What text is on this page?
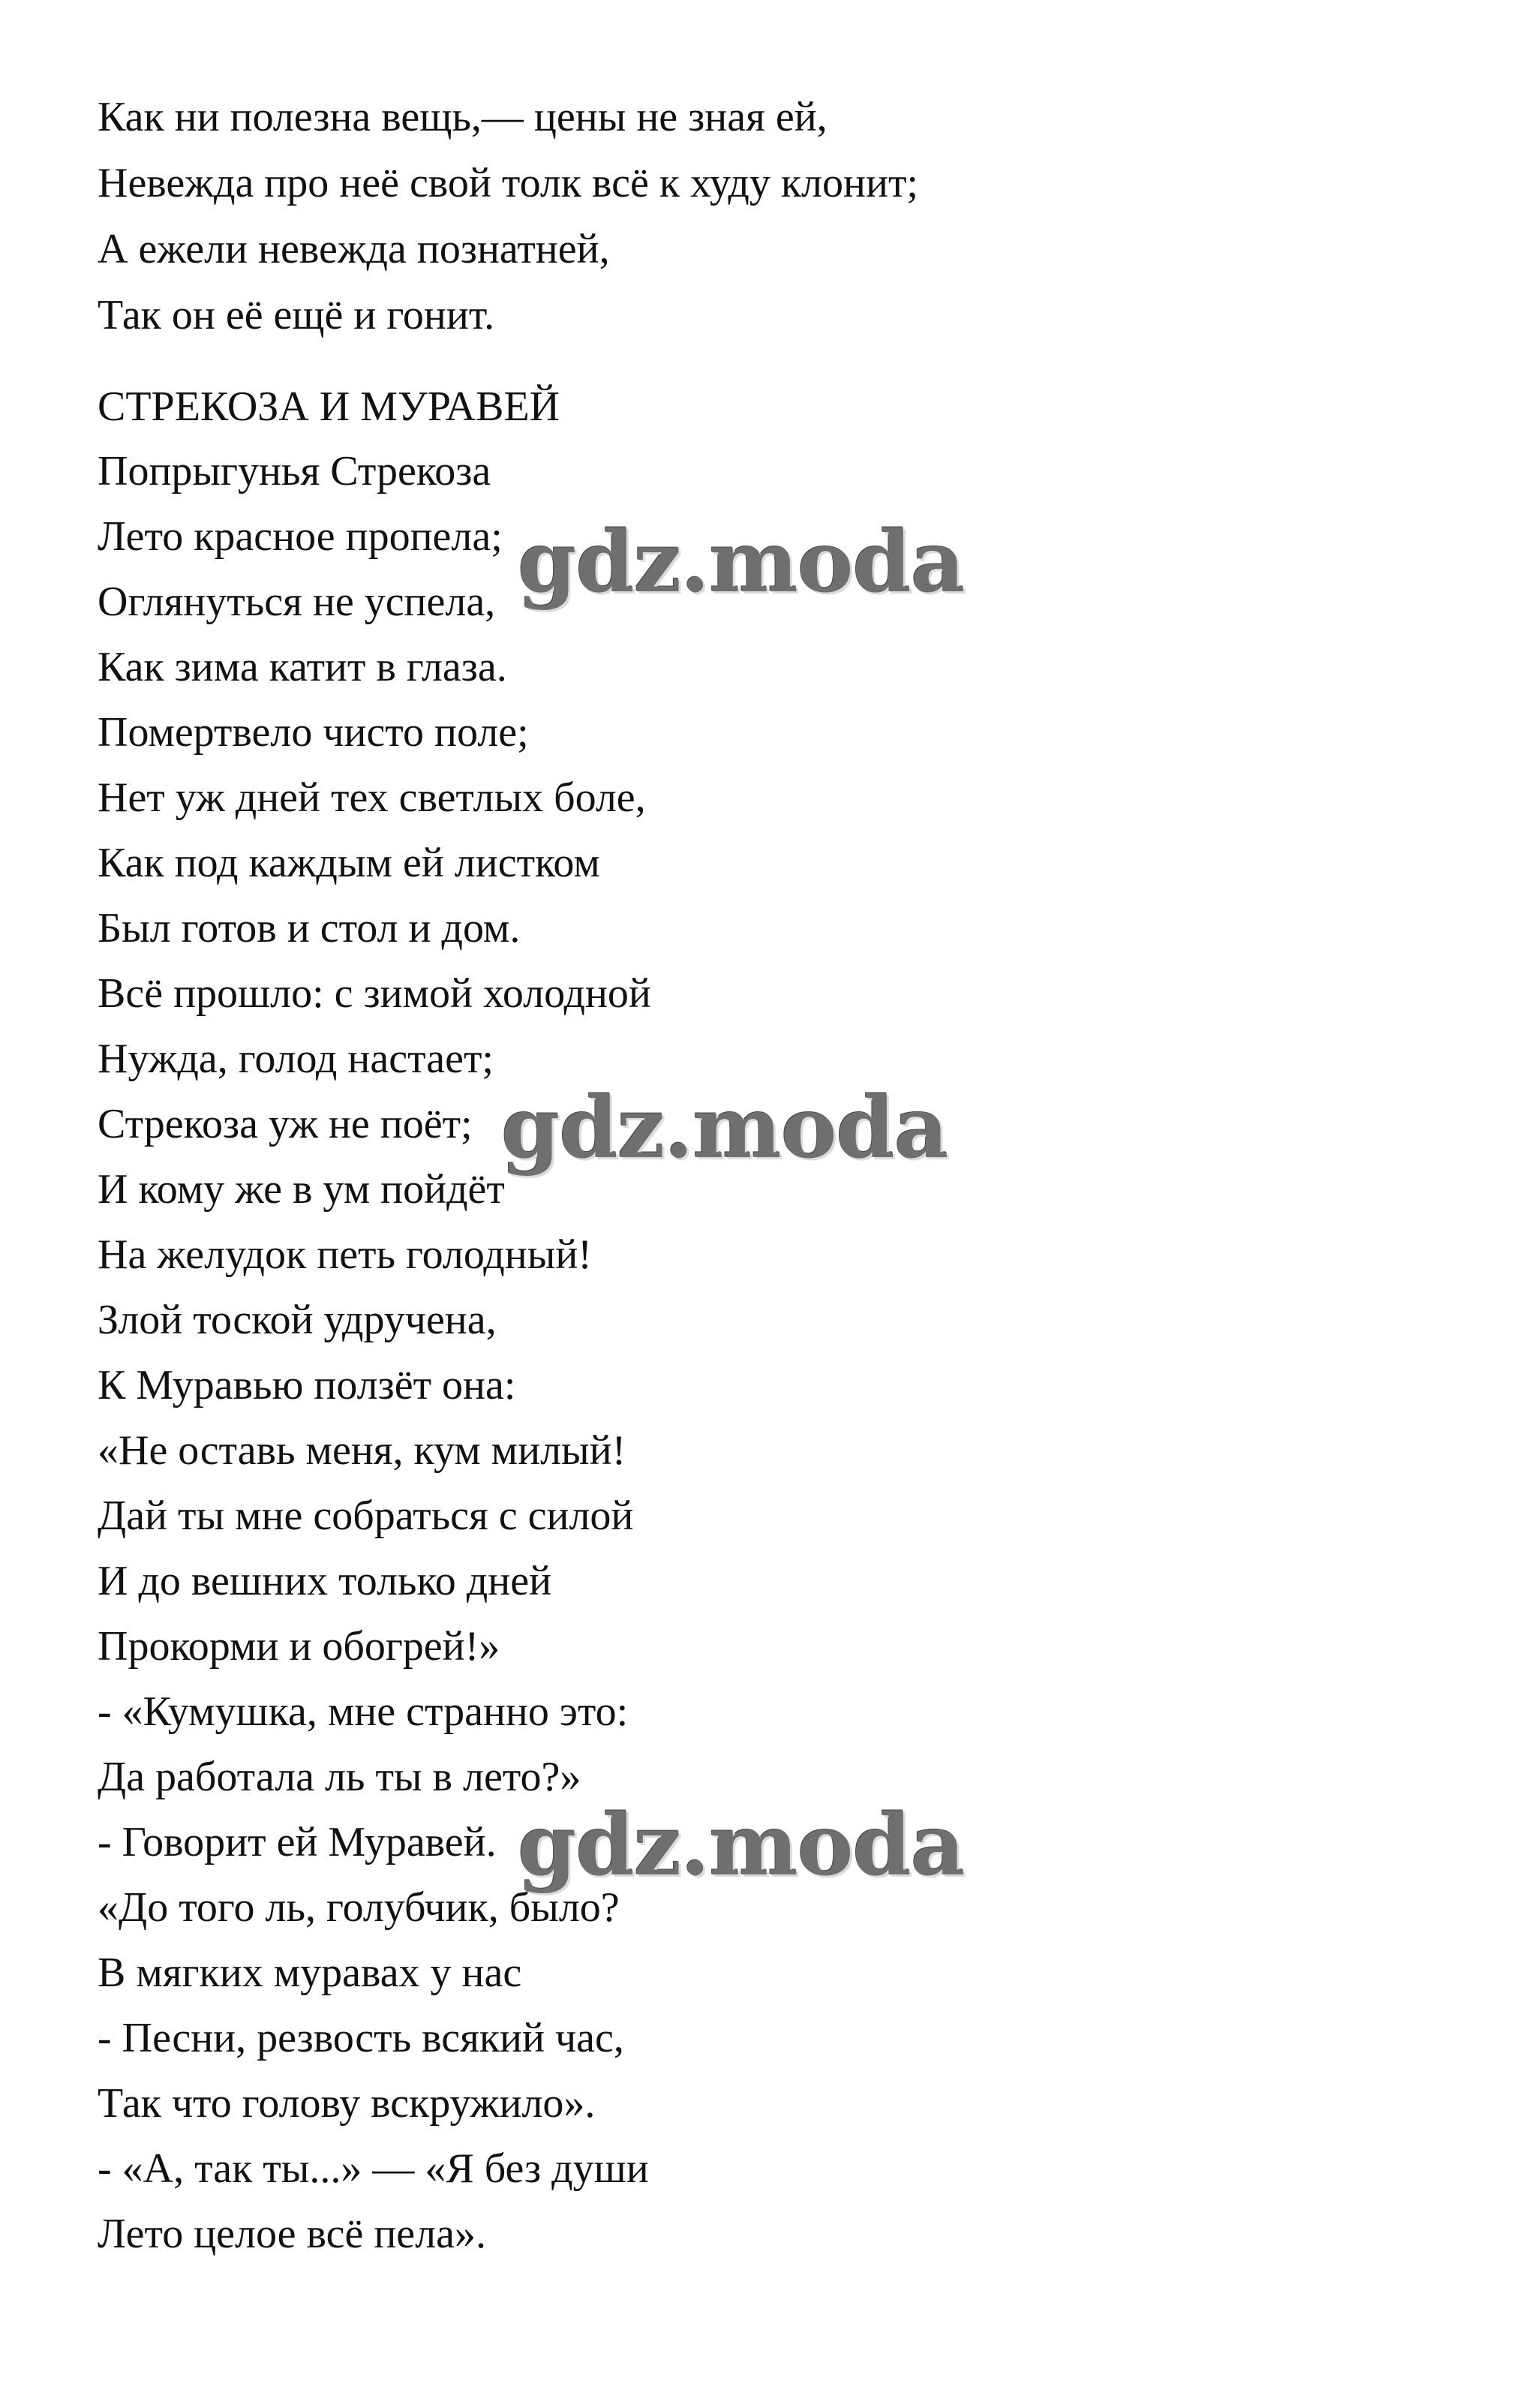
Как ни полезна вещь,— цены не зная ей,

Невежда про неё свой толк всё к худу клонит;

А ежели невежда познатней,

Так он её ещё и гонит.

СТРЕКОЗА И МУРАВЕЙ

Попрыгунья Стрекоза

Лето красное пропела;

Оглянуться не успела,

Как зима катит в глаза.

Помертвело чисто поле;

Нет уж дней тех светлых боле,

Как под каждым ей листком

Был готов и стол и дом.

Всё прошло: с зимой холодной

Нужда, голод настает;

Стрекоза уж не поёт;

И кому же в ум пойдёт

На желудок петь голодный!

Злой тоской удручена,

К Муравью ползёт она:

«Не оставь меня, кум милый!

Дай ты мне собраться с силой

И до вешних только дней

Прокорми и обогрей!»

- «Кумушка, мне странно это:

Да работала ль ты в лето?»

- Говорит ей Муравей.

«До того ль, голубчик, было?

В мягких муравах у нас

- Песни, резвость всякий час,

Так что голову вскружило».

- «А, так ты...» — «Я без души

Лето целое всё пела».

gdz.moda
gdz.moda
gdz.moda
